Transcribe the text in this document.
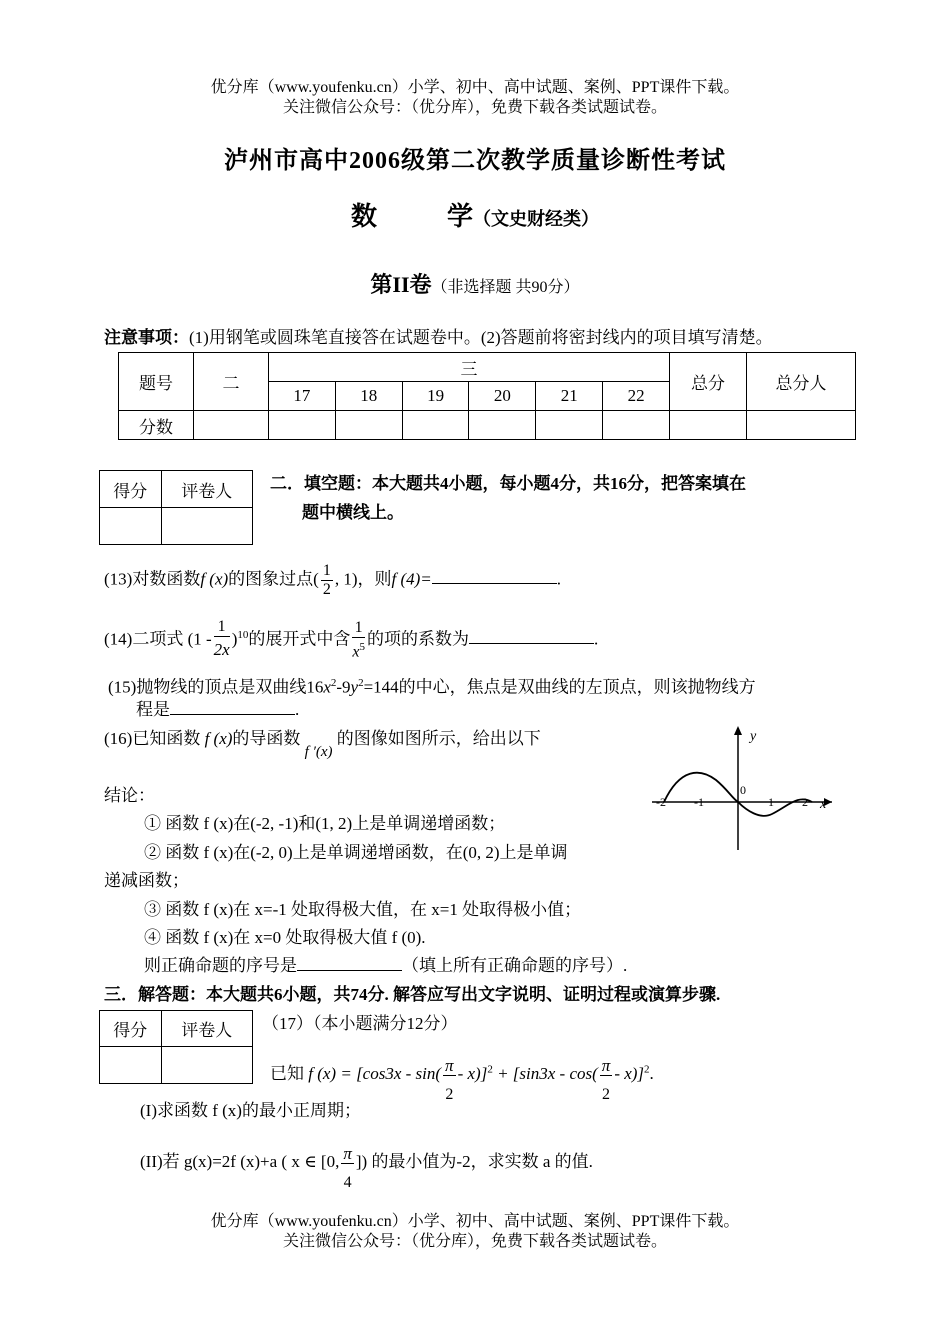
优分库（www.youfenku.cn）小学、初中、高中试题、案例、PPT课件下载。
关注微信公众号：（优分库），免费下载各类试题试卷。
泸州市高中2006级第二次教学质量诊断性考试
数	学（文史财经类）
第II卷（非选择题 共90分）
注意事项：(1)用钢笔或圆珠笔直接答在试题卷中。(2)答题前将密封线内的项目填写清楚。
题号	二	三						总分	总分人
		17	18	19	20	21	22		
分数									
得分	评卷人
	二．填空题：本大题共4小题，每小题4分，共16分，把答案填在
题中横线上。
(13)对数函数f (x)的图象过点( $\frac{1}{2}$ , 1)，则f (4)=	.
(14)二项式 $(1 - \frac{1}{2x} )^{10}$的展开式中含 $\frac{1}{x^5}$ 的项的系数为	.
(15)抛物线的顶点是双曲线$16x^2-9y^2=144$的中心，焦点是双曲线的左顶点，则该抛物线方
程是	.
(16)已知函数 f (x)的导函数 f ′(x) 的图像如图所示，给出以下
结论：
① 函数 f (x)在(-2, -1)和(1, 2)上是单调递增函数；
② 函数 f (x)在(-2, 0)上是单调递增函数，在(0, 2)上是单调
递减函数；
③ 函数 f (x)在 x=-1 处取得极大值，在 x=1 处取得极小值；
④ 函数 f (x)在 x=0 处取得极大值 f (0).
则正确命题的序号是	（填上所有正确命题的序号）.
y
x
0
-2 -1	1 2
三．解答题：本大题共6小题，共74分. 解答应写出文字说明、证明过程或演算步骤.
得分	评卷人
	（17）（本小题满分12分）
已知 f $(x) = [\cos 3x - \sin( \frac{\pi}{2} - x)]^2 + [\sin 3x - \cos( \frac{\pi}{2} - x)]^2$.
(I)求函数 f (x)的最小正周期；
(II)若 g(x)=2f (x)+a ( x ∈ [0, $\frac{\pi}{4}$ ]) 的最小值为-2，求实数 a 的值.
优分库（www.youfenku.cn）小学、初中、高中试题、案例、PPT课件下载。
关注微信公众号：（优分库），免费下载各类试题试卷。
